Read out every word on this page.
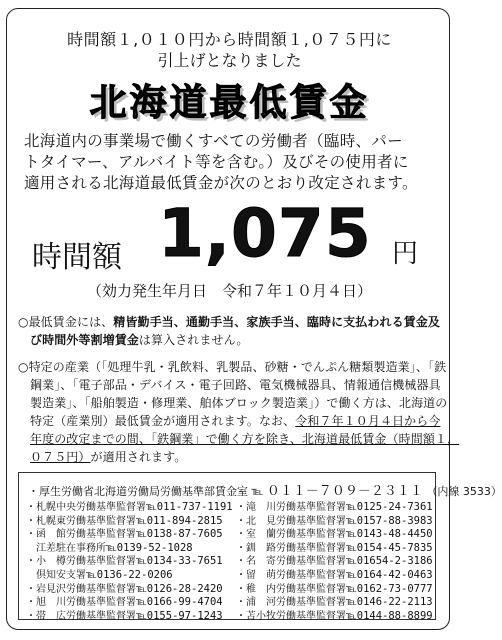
時間額１,０１０円から時間額１,０７５円に
引上げとなりました
北海道最低賃金
北海道内の事業場で働くすべての労働者（臨時、パー
トタイマー、アルバイト等を含む。）及びその使用者に
適用される北海道最低賃金が次のとおり改定されます。
時間額 1,075 円
（効力発生年月日　令和７年１０月４日）
○最低賃金には、精皆勤手当、通勤手当、家族手当、臨時に支払われる賃金及
び時間外等割増賃金は算入されません。
○特定の産業（「処理牛乳・乳飲料、乳製品、砂糖・でんぷん糖類製造業」、「鉄
鋼業」、「電子部品・デバイス・電子回路、電気機械器具、情報通信機械器具
製造業」、「船舶製造・修理業、舶体ブロック製造業」）で働く方は、北海道の
特定（産業別）最低賃金が適用されます。なお、令和７年１０月４日から今
年度の改定までの間、「鉄鋼業」で働く方を除き、北海道最低賃金（時間額１，
０７５円）が適用されます。
・厚生労働省北海道労働局労働基準部賃金室 ℡ ０１１－７０９－２３１１ （内線 3533）
・札幌中央労働基準監督署℡011-737-1191 ・滝　川労働基準監督署℡0125-24-7361
・札幌東労働基準監督署℡011-894-2815 ・北　見労働基準監督署℡0157-88-3983
・函　館労働基準監督署℡0138-87-7605 ・室　蘭労働基準監督署℡0143-48-4450
　江差駐在事務所℡0139-52-1028	・釧　路労働基準監督署℡0154-45-7835
・小　樽労働基準監督署℡0134-33-7651 ・名　寄労働基準監督署℡01654-2-3186
　倶知安支署℡0136-22-0206	・留　萌労働基準監督署℡0164-42-0463
・岩見沢労働基準監督署℡0126-28-2420 ・稚　内労働基準監督署℡0162-73-0777
・旭　川労働基準監督署℡0166-99-4704 ・浦　河労働基準監督署℡0146-22-2113
・帯　広労働基準監督署℡0155-97-1243 ・苫小牧労働基準監督署℡0144-88-8899
